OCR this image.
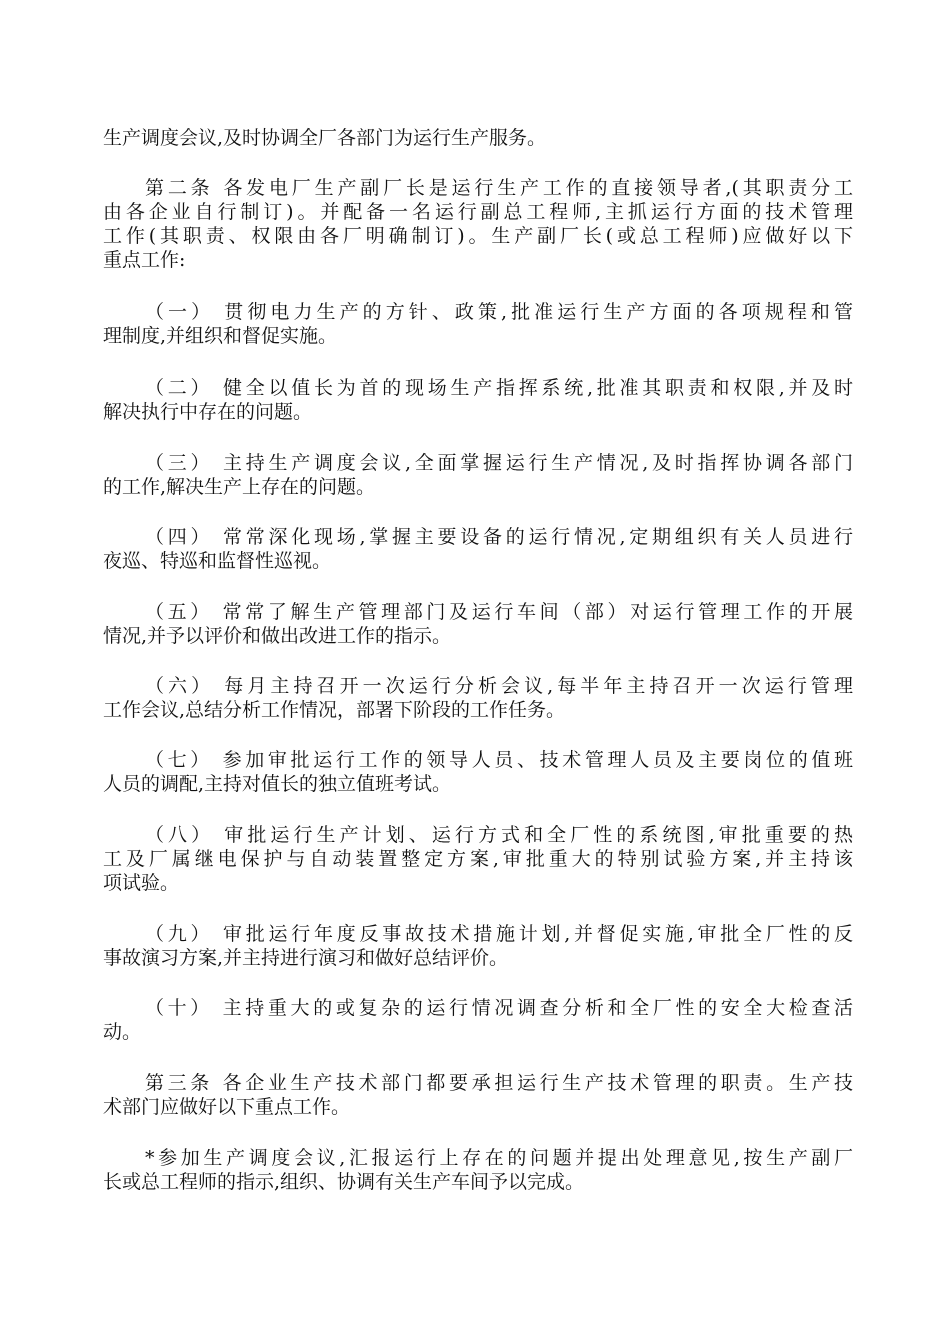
生产调度会议,及时协调全厂各部门为运行生产服务。
第二条 各发电厂生产副厂长是运行生产工作的直接领导者,(其职责分工
由各企业自行制订)。并配备一名运行副总工程师,主抓运行方面的技术管理
工作(其职责、权限由各厂明确制订)。生产副厂长(或总工程师)应做好以下
重点工作:
（一） 贯彻电力生产的方针、政策,批准运行生产方面的各项规程和管
理制度,并组织和督促实施。
（二） 健全以值长为首的现场生产指挥系统,批准其职责和权限,并及时
解决执行中存在的问题。
（三） 主持生产调度会议,全面掌握运行生产情况,及时指挥协调各部门
的工作,解决生产上存在的问题。
（四） 常常深化现场,掌握主要设备的运行情况,定期组织有关人员进行
夜巡、特巡和监督性巡视。
（五） 常常了解生产管理部门及运行车间（部）对运行管理工作的开展
情况,并予以评价和做出改进工作的指示。
（六） 每月主持召开一次运行分析会议,每半年主持召开一次运行管理
工作会议,总结分析工作情况，部署下阶段的工作任务。
（七） 参加审批运行工作的领导人员、技术管理人员及主要岗位的值班
人员的调配,主持对值长的独立值班考试。
（八） 审批运行生产计划、运行方式和全厂性的系统图,审批重要的热
工及厂属继电保护与自动装置整定方案,审批重大的特别试验方案,并主持该
项试验。
（九） 审批运行年度反事故技术措施计划,并督促实施,审批全厂性的反
事故演习方案,并主持进行演习和做好总结评价。
（十） 主持重大的或复杂的运行情况调查分析和全厂性的安全大检查活
动。
第三条 各企业生产技术部门都要承担运行生产技术管理的职责。生产技
术部门应做好以下重点工作。
*参加生产调度会议,汇报运行上存在的问题并提出处理意见,按生产副厂
长或总工程师的指示,组织、协调有关生产车间予以完成。
